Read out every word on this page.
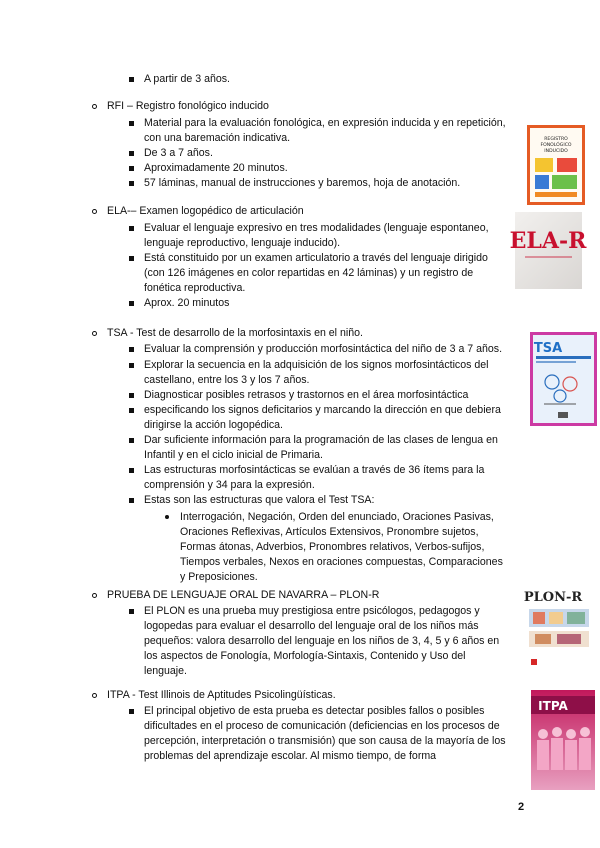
A partir de 3 años.
RFI – Registro fonológico inducido
Material para la evaluación fonológica, en expresión inducida y en repetición,
con una baremación indicativa.
De 3 a 7 años.
Aproximadamente 20 minutos.
57 láminas, manual de instrucciones y baremos, hoja de anotación.
ELA-– Examen logopédico de articulación
Evaluar el lenguaje expresivo en tres modalidades (lenguaje espontaneo,
lenguaje reproductivo, lenguaje inducido).
Está constituido por un examen articulatorio a través del lenguaje dirigido
(con 126 imágenes en color repartidas en 42 láminas) y un registro de
fonética reproductiva.
Aprox. 20 minutos
TSA - Test de desarrollo de la morfosintaxis en el niño.
Evaluar la comprensión y producción morfosintáctica del niño de 3 a 7 años.
Explorar la secuencia en la adquisición de los signos morfosintácticos del
castellano, entre los 3 y los 7 años.
Diagnosticar posibles retrasos y trastornos en el área morfosintáctica
especificando los signos deficitarios y marcando la dirección en que debiera
dirigirse la acción logopédica.
Dar suficiente información para la programación de las clases de lengua en
Infantil y en el ciclo inicial de Primaria.
Las estructuras morfosintácticas se evalúan a través de 36 ítems para la
comprensión y 34 para la expresión.
Estas son las estructuras que valora el Test TSA:
Interrogación, Negación, Orden del enunciado, Oraciones Pasivas,
Oraciones Reflexivas, Artículos Extensivos, Pronombre sujetos,
Formas átonas, Adverbios, Pronombres relativos, Verbos-sufijos,
Tiempos verbales, Nexos en oraciones compuestas, Comparaciones
y Preposiciones.
PRUEBA DE LENGUAJE ORAL DE NAVARRA – PLON-R
El PLON es una prueba muy prestigiosa entre psicólogos, pedagogos y
logopedas para evaluar el desarrollo del lenguaje oral de los niños más
pequeños: valora desarrollo del lenguaje en los niños de 3, 4, 5 y 6 años en
los aspectos de Fonología, Morfología-Sintaxis, Contenido y Uso del
lenguaje.
ITPA - Test Illinois de Aptitudes Psicolingüísticas.
El principal objetivo de esta prueba es detectar posibles fallos o posibles
dificultades en el proceso de comunicación (deficiencias en los procesos de
percepción, interpretación o transmisión) que son causa de la mayoría de los
problemas del aprendizaje escolar. Al mismo tiempo, de forma
REGISTRO
FONOLÓGICO
INDUCIDO
ELA-R
TSA
PLON-R
ITPA
2
